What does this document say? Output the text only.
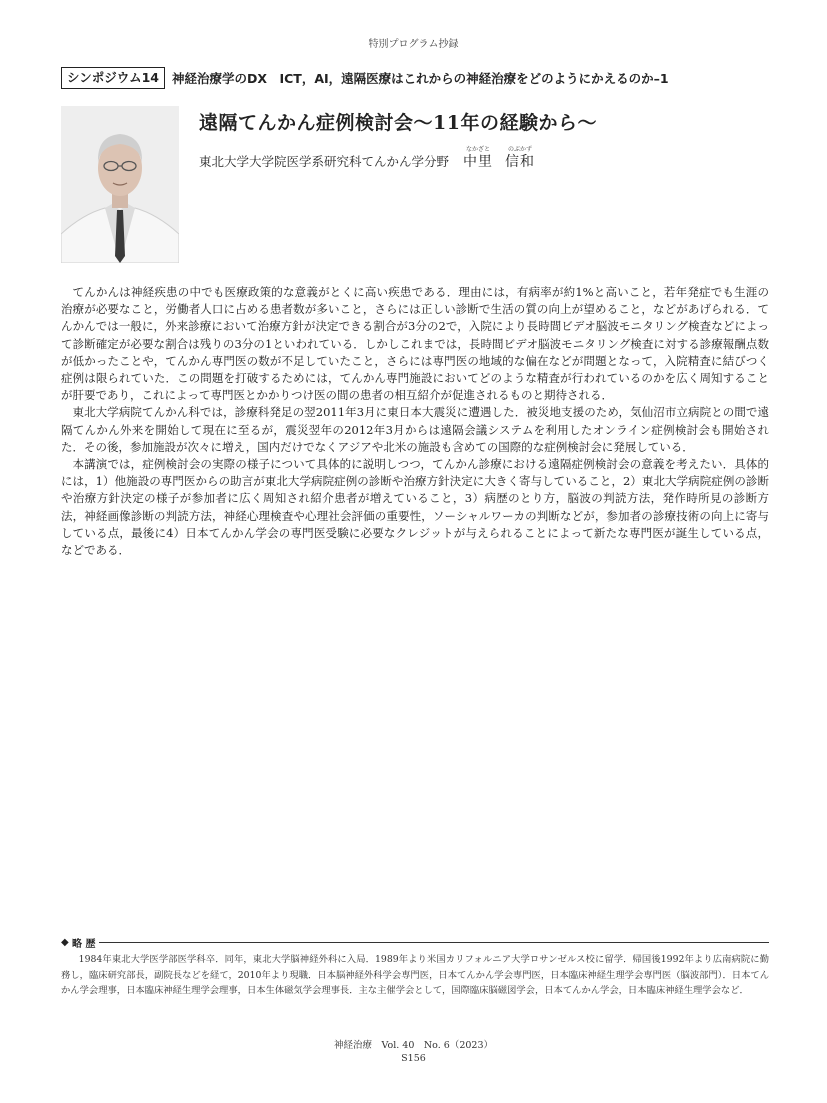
特別プログラム抄録
シンポジウム14	神経治療学のDX　ICT，AI，遠隔医療はこれからの神経治療をどのようにかえるのか–1
遠隔てんかん症例検討会〜11年の経験から〜
東北大学大学院医学系研究科てんかん学分野
なかざと
中里
のぶかず
信和

てんかんは神経疾患の中でも医療政策的な意義がとくに高い疾患である．理由には，有病率が約1%と高いこと，若年発症でも生涯の治療が必要なこと，労働者人口に占める患者数が多いこと，さらには正しい診断で生活の質の向上が望めること，などがあげられる．てんかんでは一般に，外来診療において治療方針が決定できる割合が3分の2で，入院により長時間ビデオ脳波モニタリング検査などによって診断確定が必要な割合は残りの3分の1といわれている．しかしこれまでは，長時間ビデオ脳波モニタリング検査に対する診療報酬点数が低かったことや，てんかん専門医の数が不足していたこと，さらには専門医の地域的な偏在などが問題となって，入院精査に結びつく症例は限られていた．この問題を打破するためには，てんかん専門施設においてどのような精査が行われているのかを広く周知することが肝要であり，これによって専門医とかかりつけ医の間の患者の相互紹介が促進されるものと期待される．

東北大学病院てんかん科では，診療科発足の翌2011年3月に東日本大震災に遭遇した．被災地支援のため，気仙沼市立病院との間で遠隔てんかん外来を開始して現在に至るが，震災翌年の2012年3月からは遠隔会議システムを利用したオンライン症例検討会も開始された．その後，参加施設が次々に増え，国内だけでなくアジアや北米の施設も含めての国際的な症例検討会に発展している．

本講演では，症例検討会の実際の様子について具体的に説明しつつ，てんかん診療における遠隔症例検討会の意義を考えたい．具体的には，1）他施設の専門医からの助言が東北大学病院症例の診断や治療方針決定に大きく寄与していること，2）東北大学病院症例の診断や治療方針決定の様子が参加者に広く周知され紹介患者が増えていること，3）病歴のとり方，脳波の判読方法，発作時所見の診断方法，神経画像診断の判読方法，神経心理検査や心理社会評価の重要性，ソーシャルワーカの判断などが，参加者の診療技術の向上に寄与している点，最後に4）日本てんかん学会の専門医受験に必要なクレジットが与えられることによって新たな専門医が誕生している点，などである．

◆ 略 歴
1984年東北大学医学部医学科卒．同年，東北大学脳神経外科に入局．1989年より米国カリフォルニア大学ロサンゼルス校に留学．帰国後1992年より広南病院に勤務し，臨床研究部長，副院長などを経て，2010年より現職．日本脳神経外科学会専門医，日本てんかん学会専門医，日本臨床神経生理学会専門医（脳波部門）．日本てんかん学会理事，日本臨床神経生理学会理事，日本生体磁気学会理事長．主な主催学会として，国際臨床脳磁図学会，日本てんかん学会，日本臨床神経生理学会など．
神経治療　Vol. 40　No. 6（2023）
S156
